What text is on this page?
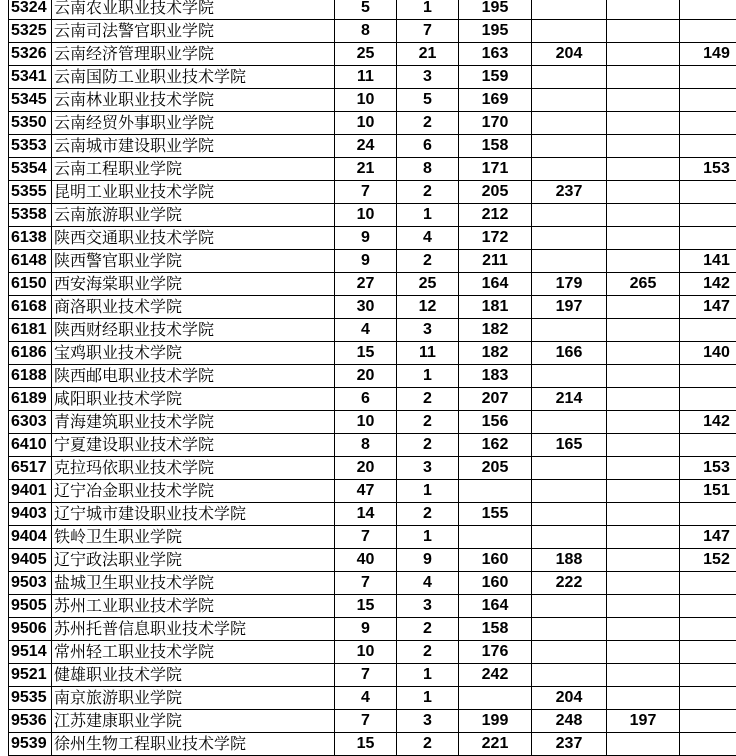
5324	云南农业职业技术学院	5	1	195			
5325	云南司法警官职业学院	8	7	195			
5326	云南经济管理职业学院	25	21	163	204		149
5341	云南国防工业职业技术学院	11	3	159			
5345	云南林业职业技术学院	10	5	169			
5350	云南经贸外事职业学院	10	2	170			
5353	云南城市建设职业学院	24	6	158			
5354	云南工程职业学院	21	8	171			153
5355	昆明工业职业技术学院	7	2	205	237		
5358	云南旅游职业学院	10	1	212			
6138	陕西交通职业技术学院	9	4	172			
6148	陕西警官职业学院	9	2	211			141
6150	西安海棠职业学院	27	25	164	179	265	142
6168	商洛职业技术学院	30	12	181	197		147
6181	陕西财经职业技术学院	4	3	182			
6186	宝鸡职业技术学院	15	11	182	166		140
6188	陕西邮电职业技术学院	20	1	183			
6189	咸阳职业技术学院	6	2	207	214		
6303	青海建筑职业技术学院	10	2	156			142
6410	宁夏建设职业技术学院	8	2	162	165		
6517	克拉玛依职业技术学院	20	3	205			153
9401	辽宁冶金职业技术学院	47	1				151
9403	辽宁城市建设职业技术学院	14	2	155			
9404	铁岭卫生职业学院	7	1				147
9405	辽宁政法职业学院	40	9	160	188		152
9503	盐城卫生职业技术学院	7	4	160	222		
9505	苏州工业职业技术学院	15	3	164			
9506	苏州托普信息职业技术学院	9	2	158			
9514	常州轻工职业技术学院	10	2	176			
9521	健雄职业技术学院	7	1	242			
9535	南京旅游职业学院	4	1		204		
9536	江苏建康职业学院	7	3	199	248	197	
9539	徐州生物工程职业技术学院	15	2	221	237		
